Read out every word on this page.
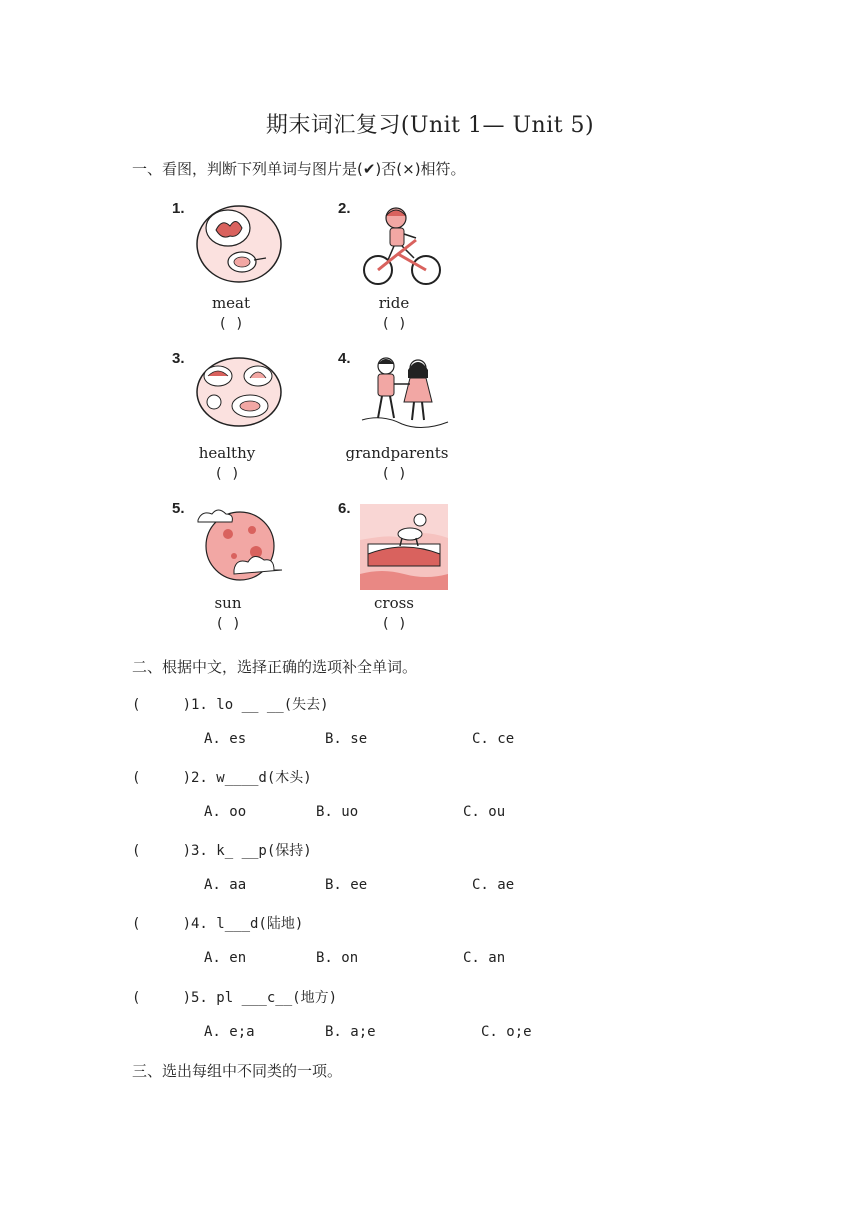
期末词汇复习(Unit 1— Unit 5)
一、看图，判断下列单词与图片是(✔)否(×)相符。
1.
meat
( )
2.
ride
( )
3.
healthy
( )
4.
grandparents
( )
5.
sun
( )
6.
cross
( )
二、根据中文，选择正确的选项补全单词。
(     )1. lo __ __(失去)
A. es	B. se	C. ce
(     )2. w____d(木头)
A. oo	B. uo	C. ou
(     )3. k_ __p(保持)
A. aa	B. ee	C. ae
(     )4. l___d(陆地)
A. en	B. on	C. an
(     )5. pl ___c__(地方)
A. e;a	B. a;e	C. o;e
三、选出每组中不同类的一项。
